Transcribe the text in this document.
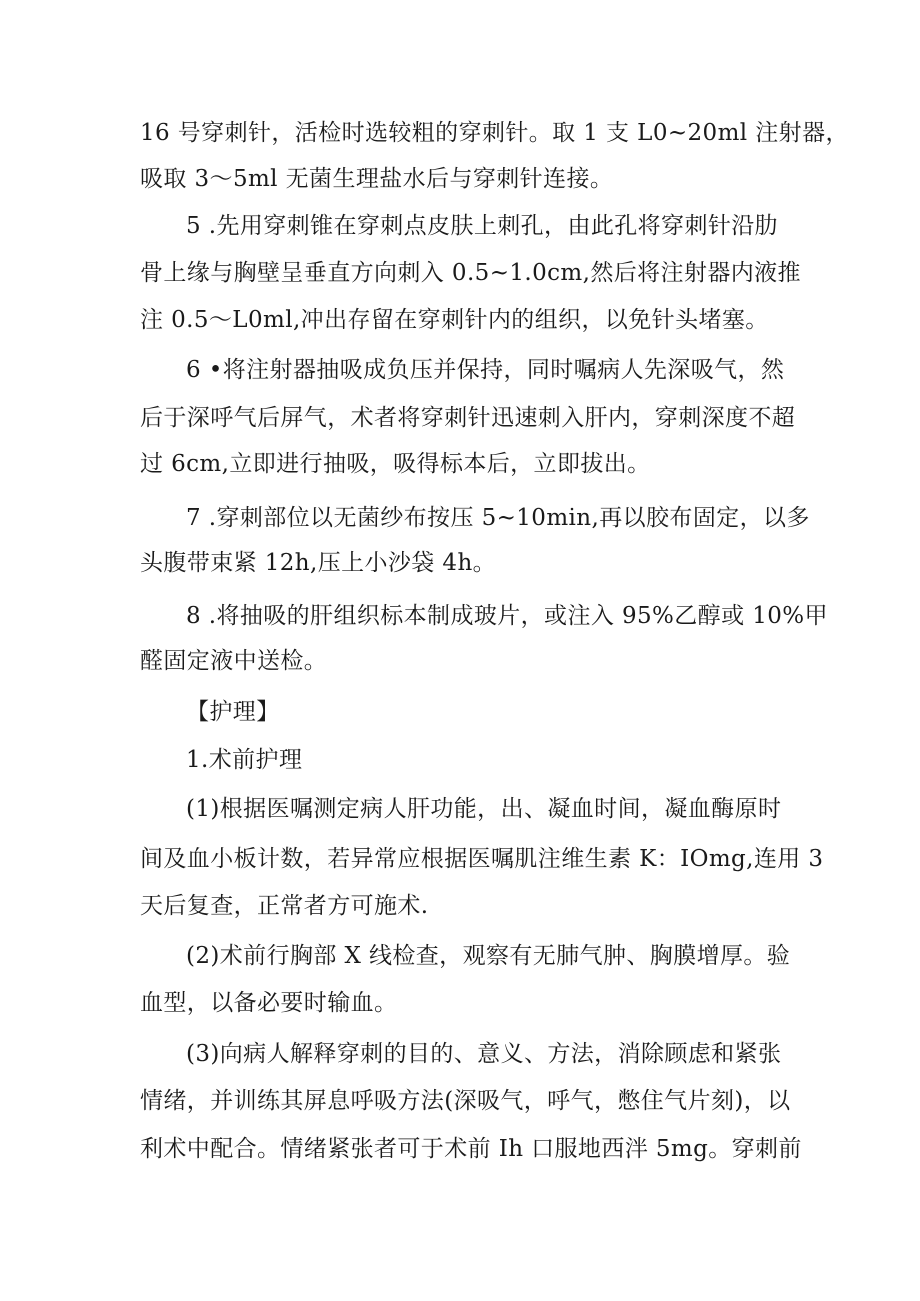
16 号穿刺针，活检时选较粗的穿刺针。取 1 支 L0~20ml 注射器，

吸取 3～5ml 无菌生理盐水后与穿刺针连接。

5 .先用穿刺锥在穿刺点皮肤上刺孔，由此孔将穿刺针沿肋

骨上缘与胸壁呈垂直方向刺入 0.5~1.0cm,然后将注射器内液推

注 0.5～L0ml,冲出存留在穿刺针内的组织，以免针头堵塞。

6 •将注射器抽吸成负压并保持，同时嘱病人先深吸气，然

后于深呼气后屏气，术者将穿刺针迅速刺入肝内，穿刺深度不超

过 6cm,立即进行抽吸，吸得标本后，立即拔出。

7 .穿刺部位以无菌纱布按压 5~10min,再以胶布固定，以多

头腹带束紧 12h,压上小沙袋 4h。

8 .将抽吸的肝组织标本制成玻片，或注入 95%乙醇或 10%甲

醛固定液中送检。

【护理】

1.术前护理

(1)根据医嘱测定病人肝功能，出、凝血时间，凝血酶原时

间及血小板计数，若异常应根据医嘱肌注维生素 K：IOmg,连用 3

天后复查，正常者方可施术.

(2)术前行胸部 X 线检查，观察有无肺气肿、胸膜增厚。验

血型，以备必要时输血。

(3)向病人解释穿刺的目的、意义、方法，消除顾虑和紧张

情绪，并训练其屏息呼吸方法(深吸气，呼气，憋住气片刻)，以

利术中配合。情绪紧张者可于术前 Ih 口服地西泮 5mg。穿刺前
